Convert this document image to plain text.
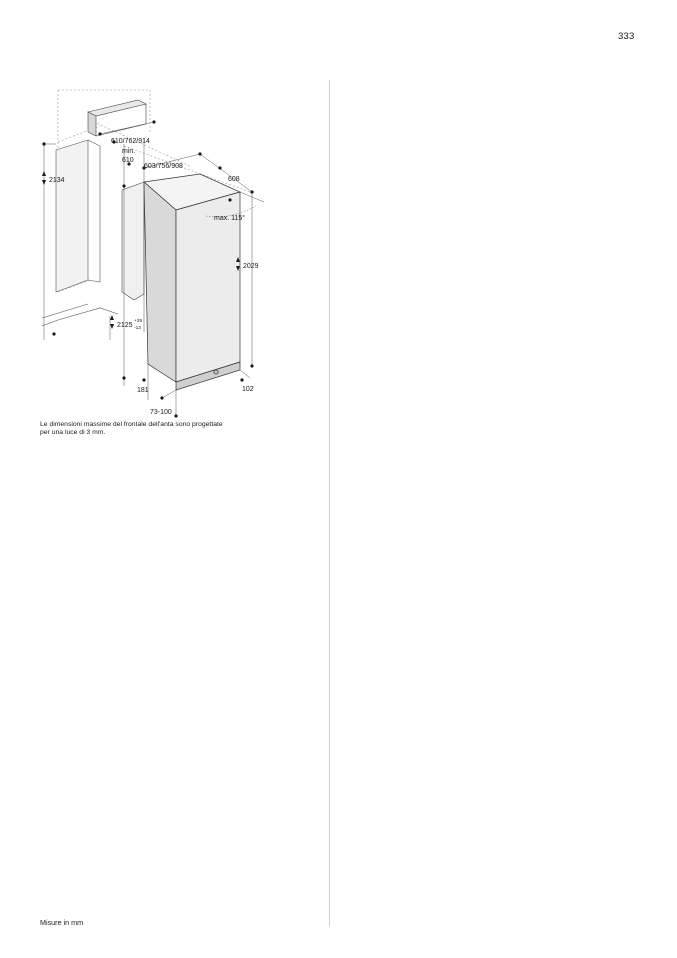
333
2134
610/762/914
min.
610
603/756/908
608
max. 115°
2029
2125
+35
-13
181	102
73-100
Le dimensioni massime del frontale dell'anta sono progettate
per una luce di 3 mm.
Misure in mm
